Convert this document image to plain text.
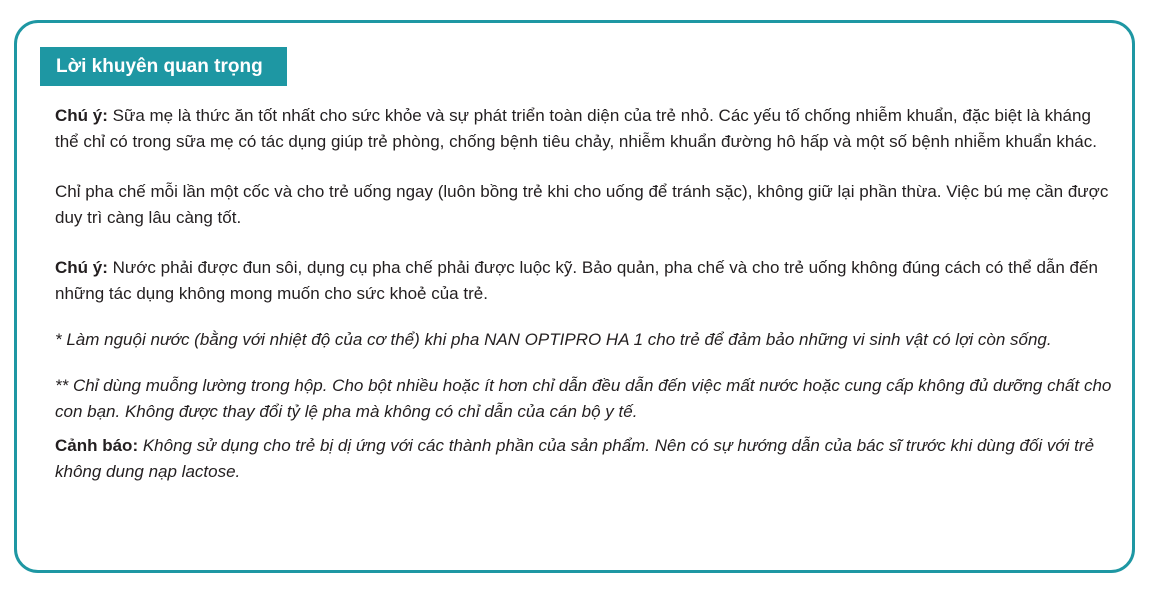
Lời khuyên quan trọng

Chú ý: Sữa mẹ là thức ăn tốt nhất cho sức khỏe và sự phát triển toàn diện của trẻ nhỏ. Các yếu tố chống nhiễm khuẩn, đặc biệt là kháng thể chỉ có trong sữa mẹ có tác dụng giúp trẻ phòng, chống bệnh tiêu chảy, nhiễm khuẩn đường hô hấp và một số bệnh nhiễm khuẩn khác.

Chỉ pha chế mỗi lần một cốc và cho trẻ uống ngay (luôn bồng trẻ khi cho uống để tránh sặc), không giữ lại phần thừa. Việc bú mẹ cần được duy trì càng lâu càng tốt.

Chú ý: Nước phải được đun sôi, dụng cụ pha chế phải được luộc kỹ. Bảo quản, pha chế và cho trẻ uống không đúng cách có thể dẫn đến những tác dụng không mong muốn cho sức khoẻ của trẻ.

* Làm nguội nước (bằng với nhiệt độ của cơ thể) khi pha NAN OPTIPRO HA 1 cho trẻ để đảm bảo những vi sinh vật có lợi còn sống.

** Chỉ dùng muỗng lường trong hộp. Cho bột nhiều hoặc ít hơn chỉ dẫn đều dẫn đến việc mất nước hoặc cung cấp không đủ dưỡng chất cho con bạn. Không được thay đổi tỷ lệ pha mà không có chỉ dẫn của cán bộ y tế.

Cảnh báo: Không sử dụng cho trẻ bị dị ứng với các thành phần của sản phẩm. Nên có sự hướng dẫn của bác sĩ trước khi dùng đối với trẻ không dung nạp lactose.
